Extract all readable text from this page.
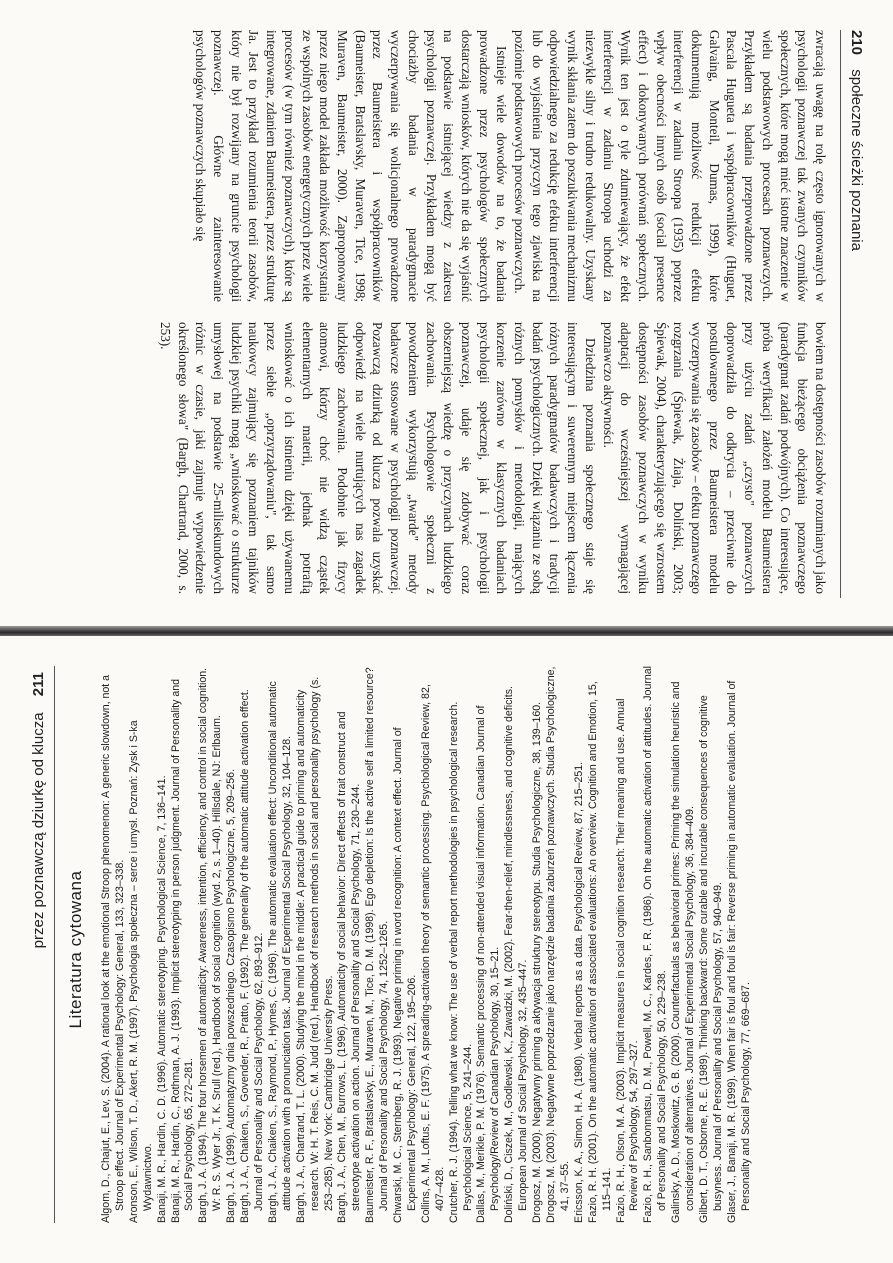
210 społeczne ścieżki poznania

zwracają uwagę na rolę często ignorowanych w psychologii poznawczej tak zwanych czynników społecznych, które mogą mieć istotne znaczenie w wielu podstawowych procesach poznawczych. Przykładem są badania przeprowadzone przez Pascala Hugueta i współpracowników (Huguet, Galvaing, Monteil, Dumas, 1999), które dokumentują możliwość redukcji efektu interferencji w zadaniu Stroopa (1935) poprzez wpływ obecności innych osób (social presence effect) i dokonywanych porównań społecznych. Wynik ten jest o tyle zdumiewający, że efekt interferencji w zadaniu Stroopa uchodzi za niezwykle silny i trudno redukowalny. Uzyskany wynik skłania zatem do poszukiwania mechanizmu odpowiedzialnego za redukcję efektu interferencji lub do wyjaśnienia przyczyn tego zjawiska na poziomie podstawowych procesów poznawczych.

Istnieje wiele dowodów na to, że badania prowadzone przez psychologów społecznych dostarczają wniosków, których nie da się wyjaśnić na podstawie istniejącej wiedzy z zakresu psychologii poznawczej. Przykładem mogą być chociażby badania w paradygmacie wyczerpywania się wolicjonalnego prowadzone przez Baumeistera i współpracowników (Baumeister, Bratslavsky, Muraven, Tice, 1998; Muraven, Baumeister, 2000). Zaproponowany przez niego model zakłada możliwość korzystania ze wspólnych zasobów energetycznych przez wiele procesów (w tym również poznawczych), które są integrowane, zdaniem Baumeistera, przez strukturę Ja. Jest to przykład rozumienia teorii zasobów, który nie był rozwijany na gruncie psychologii poznawczej. Główne zainteresowanie psychologów poznawczych skupiało się

bowiem na dostępności zasobów rozumianych jako funkcja bieżącego obciążenia poznawczego (paradygmat zadań podwójnych). Co interesujące, próba weryfikacji założeń modelu Baumeistera przy użyciu zadań „czysto" poznawczych doprowadziła do odkrycia – przeciwnie do postulowanego przez Baumeistera modelu wyczerpywania się zasobów – efektu poznawczego rozgrzania (Śpiewak, Żiaja, Doliński, 2003; Śpiewak, 2004), charakteryzującego się wzrostem dostępności zasobów poznawczych w wyniku adaptacji do wcześniejszej wymagającej poznawczo aktywności.

Dziedzina poznania społecznego staje się interesującym i suwerennym miejscem łączenia różnych paradygmatów badawczych i tradycji badań psychologicznych. Dzięki wiązaniu ze sobą różnych pomysłów i metodologii, mających korzenie zarówno w klasycznych badaniach psychologii społecznej, jak i psychologii poznawczej, udaje się zdobywać coraz obszerniejszą wiedzę o przyczynach ludzkiego zachowania. Psychologowie społeczni z powodzeniem wykorzystują „twarde" metody badawcze stosowane w psychologii poznawczej. Pozawczą dziurką od klucza pozwala uzyskać odpowiedź na wiele nurtujących nas zagadek ludzkiego zachowania. Podobnie jak fizycy atomowi, którzy choć nie widzą cząstek elementarnych materii, jednak potrafią wnioskować o ich istnieniu dzięki używanemu przez siebie „oprzyrządowaniu", tak samo naukowcy zajmujący się poznaniem tajników ludzkiej psychiki mogą „wnioskować o strukturze umysłowej na podstawie 25-milisekundowych różnic w czasie, jaki zajmuje wypowiedzenie określonego słowa" (Bargh, Chartrand, 2000, s. 253).

przez poznawczą dziurkę od klucza 211
Literatura cytowana Algom, D., Chajut, E., Lev, S. (2004). A rational look at the emotional Stroop phenomenon: A generic slowdown, not a Stroop effect. Journal of Experimental Psychology: General, 133, 323–338. Aronson, E., Wilson, T. D., Akert, R. M. (1997). Psychologia społeczna – serce i umysł. Poznań: Zysk i S-ka Wydawnictwo. Banaji, M. R., Hardin, C. D. (1996). Automatic stereotyping. Psychological Science, 7, 136–141. Banaji, M. R., Hardin, C., Rothman, A. J. (1993). Implicit stereotyping in person judgment. Journal of Personality and Social Psychology, 65, 272–281. Bargh, J. A. (1994). The four horsemen of automaticity: Awareness, intention, efficiency, and control in social cognition. W: R. S. Wyer Jr., T. K. Srull (red.), Handbook of social cognition (wyd. 2, s. 1–40). Hillsdale, NJ: Erlbaum. Bargh, J. A. (1999). Automatyzmy dnia powszedniego. Czasopismo Psychologiczne, 5, 209–256. Bargh, J. A., Chaiken, S., Govender, R., Pratto, F. (1992). The generality of the automatic attitude activation effect. Journal of Personality and Social Psychology, 62, 893–912. Bargh, J. A., Chaiken, S., Raymond, P., Hymes, C. (1996). The automatic evaluation effect: Unconditional automatic attitude activation with a pronunciation task. Journal of Experimental Social Psychology, 32, 104–128. Bargh, J. A., Chartrand, T. L. (2000). Studying the mind in the middle: A practical guide to priming and automaticity research. W: H. T. Reis, C. M. Judd (red.), Handbook of research methods in social and personality psychology (s. 253–285). New York: Cambridge University Press. Bargh, J. A., Chen, M., Burrows, L. (1996). Automaticity of social behavior: Direct effects of trait construct and stereotype activation on action. Journal of Personality and Social Psychology, 71, 230–244. Baumeister, R. F., Bratslavsky, E., Muraven, M., Tice, D. M. (1998). Ego depletion: Is the active self a limited resource? Journal of Personality and Social Psychology, 74, 1252–1265. Chwarski, M. C., Sternberg, R. J. (1993). Negative priming in word recognition: A context effect. Journal of Experimental Psychology: General, 122, 195–206. Collins, A. M., Loftus, E. F. (1975). A spreading-activation theory of semantic processing. Psychological Review, 82, 407–428. Crutcher, R. J. (1994). Telling what we know: The use of verbal report methodologies in psychological research. Psychological Science, 5, 241–244. Dallas, M., Merikle, P. M. (1976). Semantic processing of non-attended visual information. Canadian Journal of Psychology/Review of Canadian Psychology, 30, 15–21. Doliński, D., Ciszek, M., Godlewski, K., Zawadzki, M. (2002). Fear-then-relief, mindlessness, and cognitive deficits. European Journal of Social Psychology, 32, 435–447. Drogosz, M. (2000). Negatywny priming a aktywacja struktury stereotypu. Studia Psychologiczne, 38, 139–160. Drogosz, M. (2003). Negatywne poprzedzanie jako narzędzie badania zaburzeń poznawczych. Studia Psychologiczne, 41, 37–55. Ericsson, K. A., Simon, H. A. (1980). Verbal reports as a data. Psychological Review, 87, 215–251. Fazio, R. H. (2001). On the automatic activation of associated evaluations: An overview. Cognition and Emotion, 15, 115–141. Fazio, R. H., Olson, M. A. (2003). Implicit measures in social cognition research: Their meaning and use. Annual Review of Psychology, 54, 297–327. Fazio, R. H., Sanbonmatsu, D. M., Powell, M. C., Kardes, F. R. (1986). On the automatic activation of attitudes. Journal of Personality and Social Psychology, 50, 229–238. Galinsky, A. D., Moskowitz, G. B. (2000). Counterfactuals as behavioral primes: Priming the simulation heuristic and consideration of alternatives. Journal of Experimental Social Psychology, 36, 384–409. Gilbert, D. T., Osborne, R. E. (1989). Thinking backward: Some curable and incurable consequences of cognitive busyness. Journal of Personality and Social Psychology, 57, 940–949. Glaser, J., Banaji, M. R. (1999). When fair is foul and foul is fair: Reverse priming in automatic evaluation. Journal of Personality and Social Psychology, 77, 669–687.
